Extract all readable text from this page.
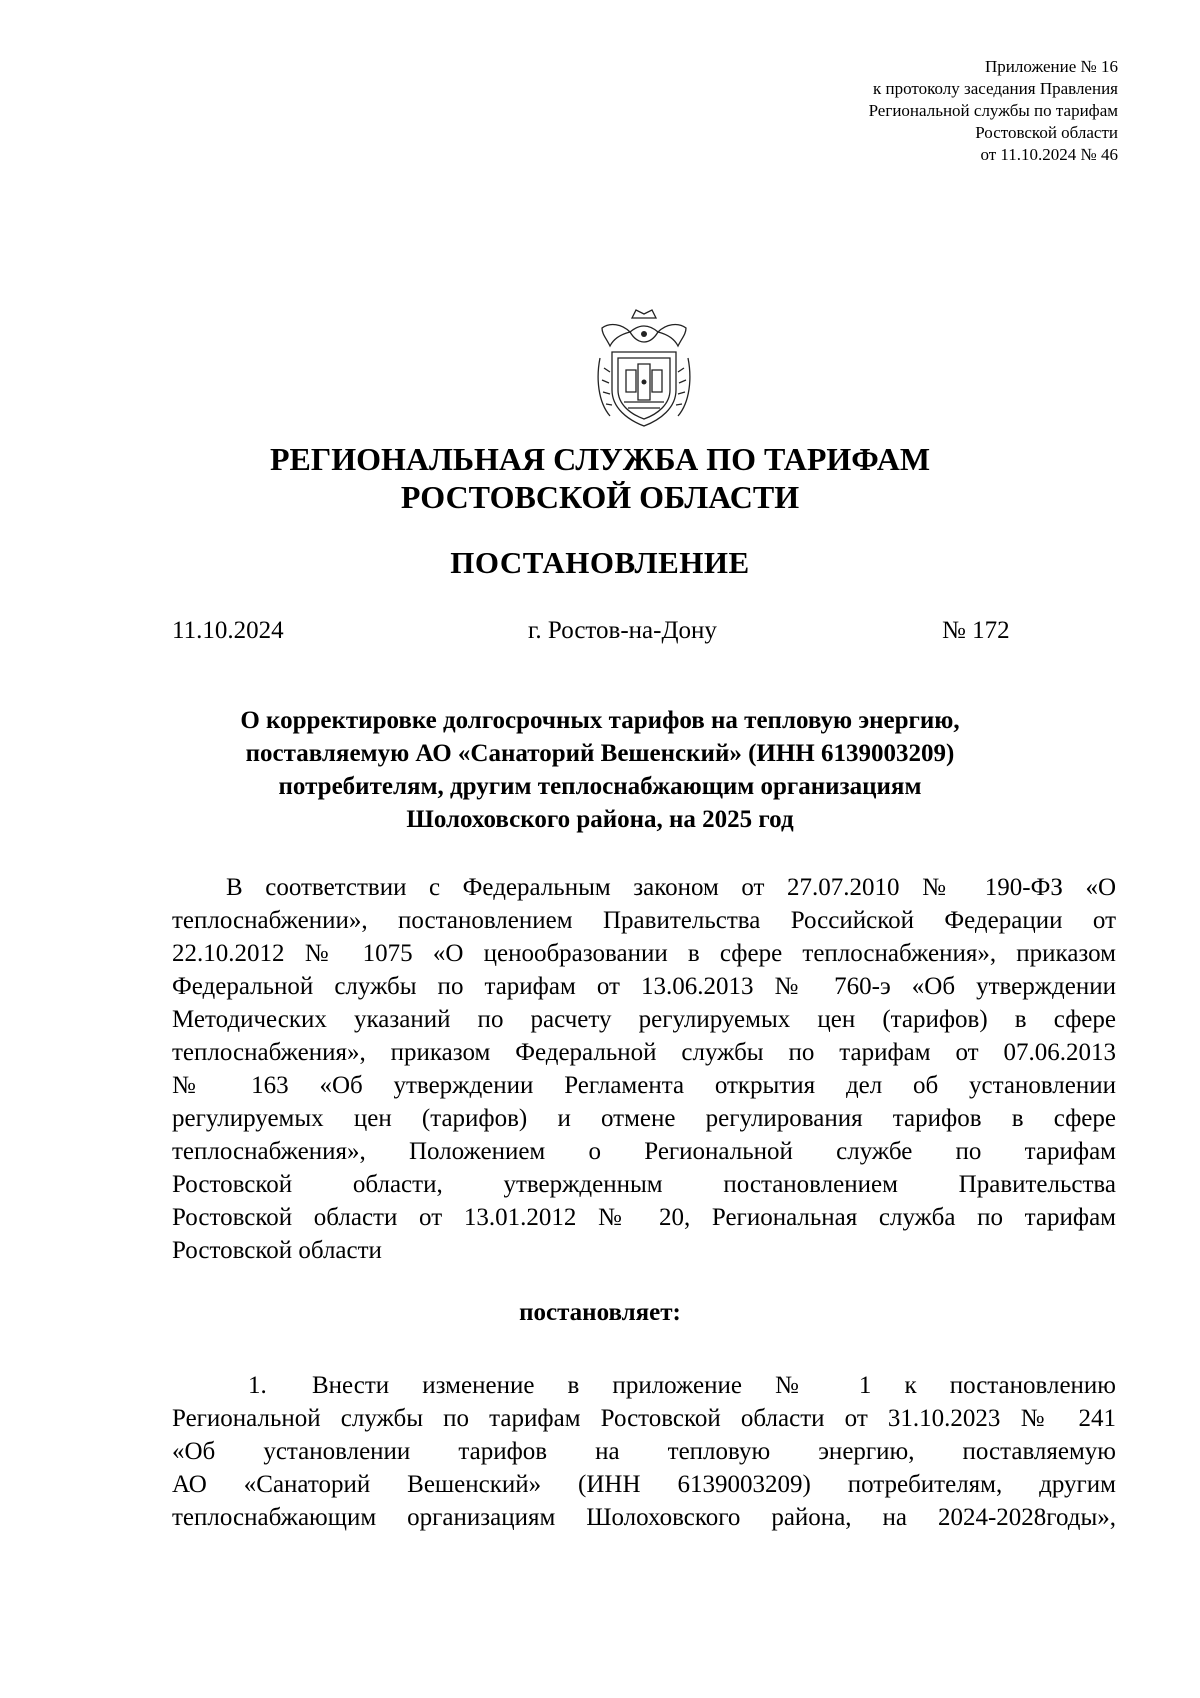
Приложение № 16
к протоколу заседания Правления
Региональной службы по тарифам
Ростовской области
от 11.10.2024 № 46
РЕГИОНАЛЬНАЯ СЛУЖБА ПО ТАРИФАМ
РОСТОВСКОЙ ОБЛАСТИ
ПОСТАНОВЛЕНИЕ
11.10.2024	г. Ростов-на-Дону	№ 172
О корректировке долгосрочных тарифов на тепловую энергию,
поставляемую АО «Санаторий Вешенский» (ИНН 6139003209)
потребителям, другим теплоснабжающим организациям
Шолоховского района, на 2025 год
В соответствии с Федеральным законом от 27.07.2010 № 190-ФЗ «О
теплоснабжении», постановлением Правительства Российской Федерации от
22.10.2012 № 1075 «О ценообразовании в сфере теплоснабжения», приказом
Федеральной службы по тарифам от 13.06.2013 № 760-э «Об утверждении
Методических указаний по расчету регулируемых цен (тарифов) в сфере
теплоснабжения», приказом Федеральной службы по тарифам от 07.06.2013
№ 163 «Об утверждении Регламента открытия дел об установлении
регулируемых цен (тарифов) и отмене регулирования тарифов в сфере
теплоснабжения», Положением о Региональной службе по тарифам
Ростовской области, утвержденным постановлением Правительства
Ростовской области от 13.01.2012 № 20, Региональная служба по тарифам
Ростовской области
постановляет:
1.	Внести изменение в приложение № 1 к постановлению
Региональной службы по тарифам Ростовской области от 31.10.2023 № 241
«Об установлении тарифов на тепловую энергию, поставляемую
АО «Санаторий Вешенский» (ИНН 6139003209) потребителям, другим
теплоснабжающим организациям Шолоховского района, на 2024-2028годы»,
